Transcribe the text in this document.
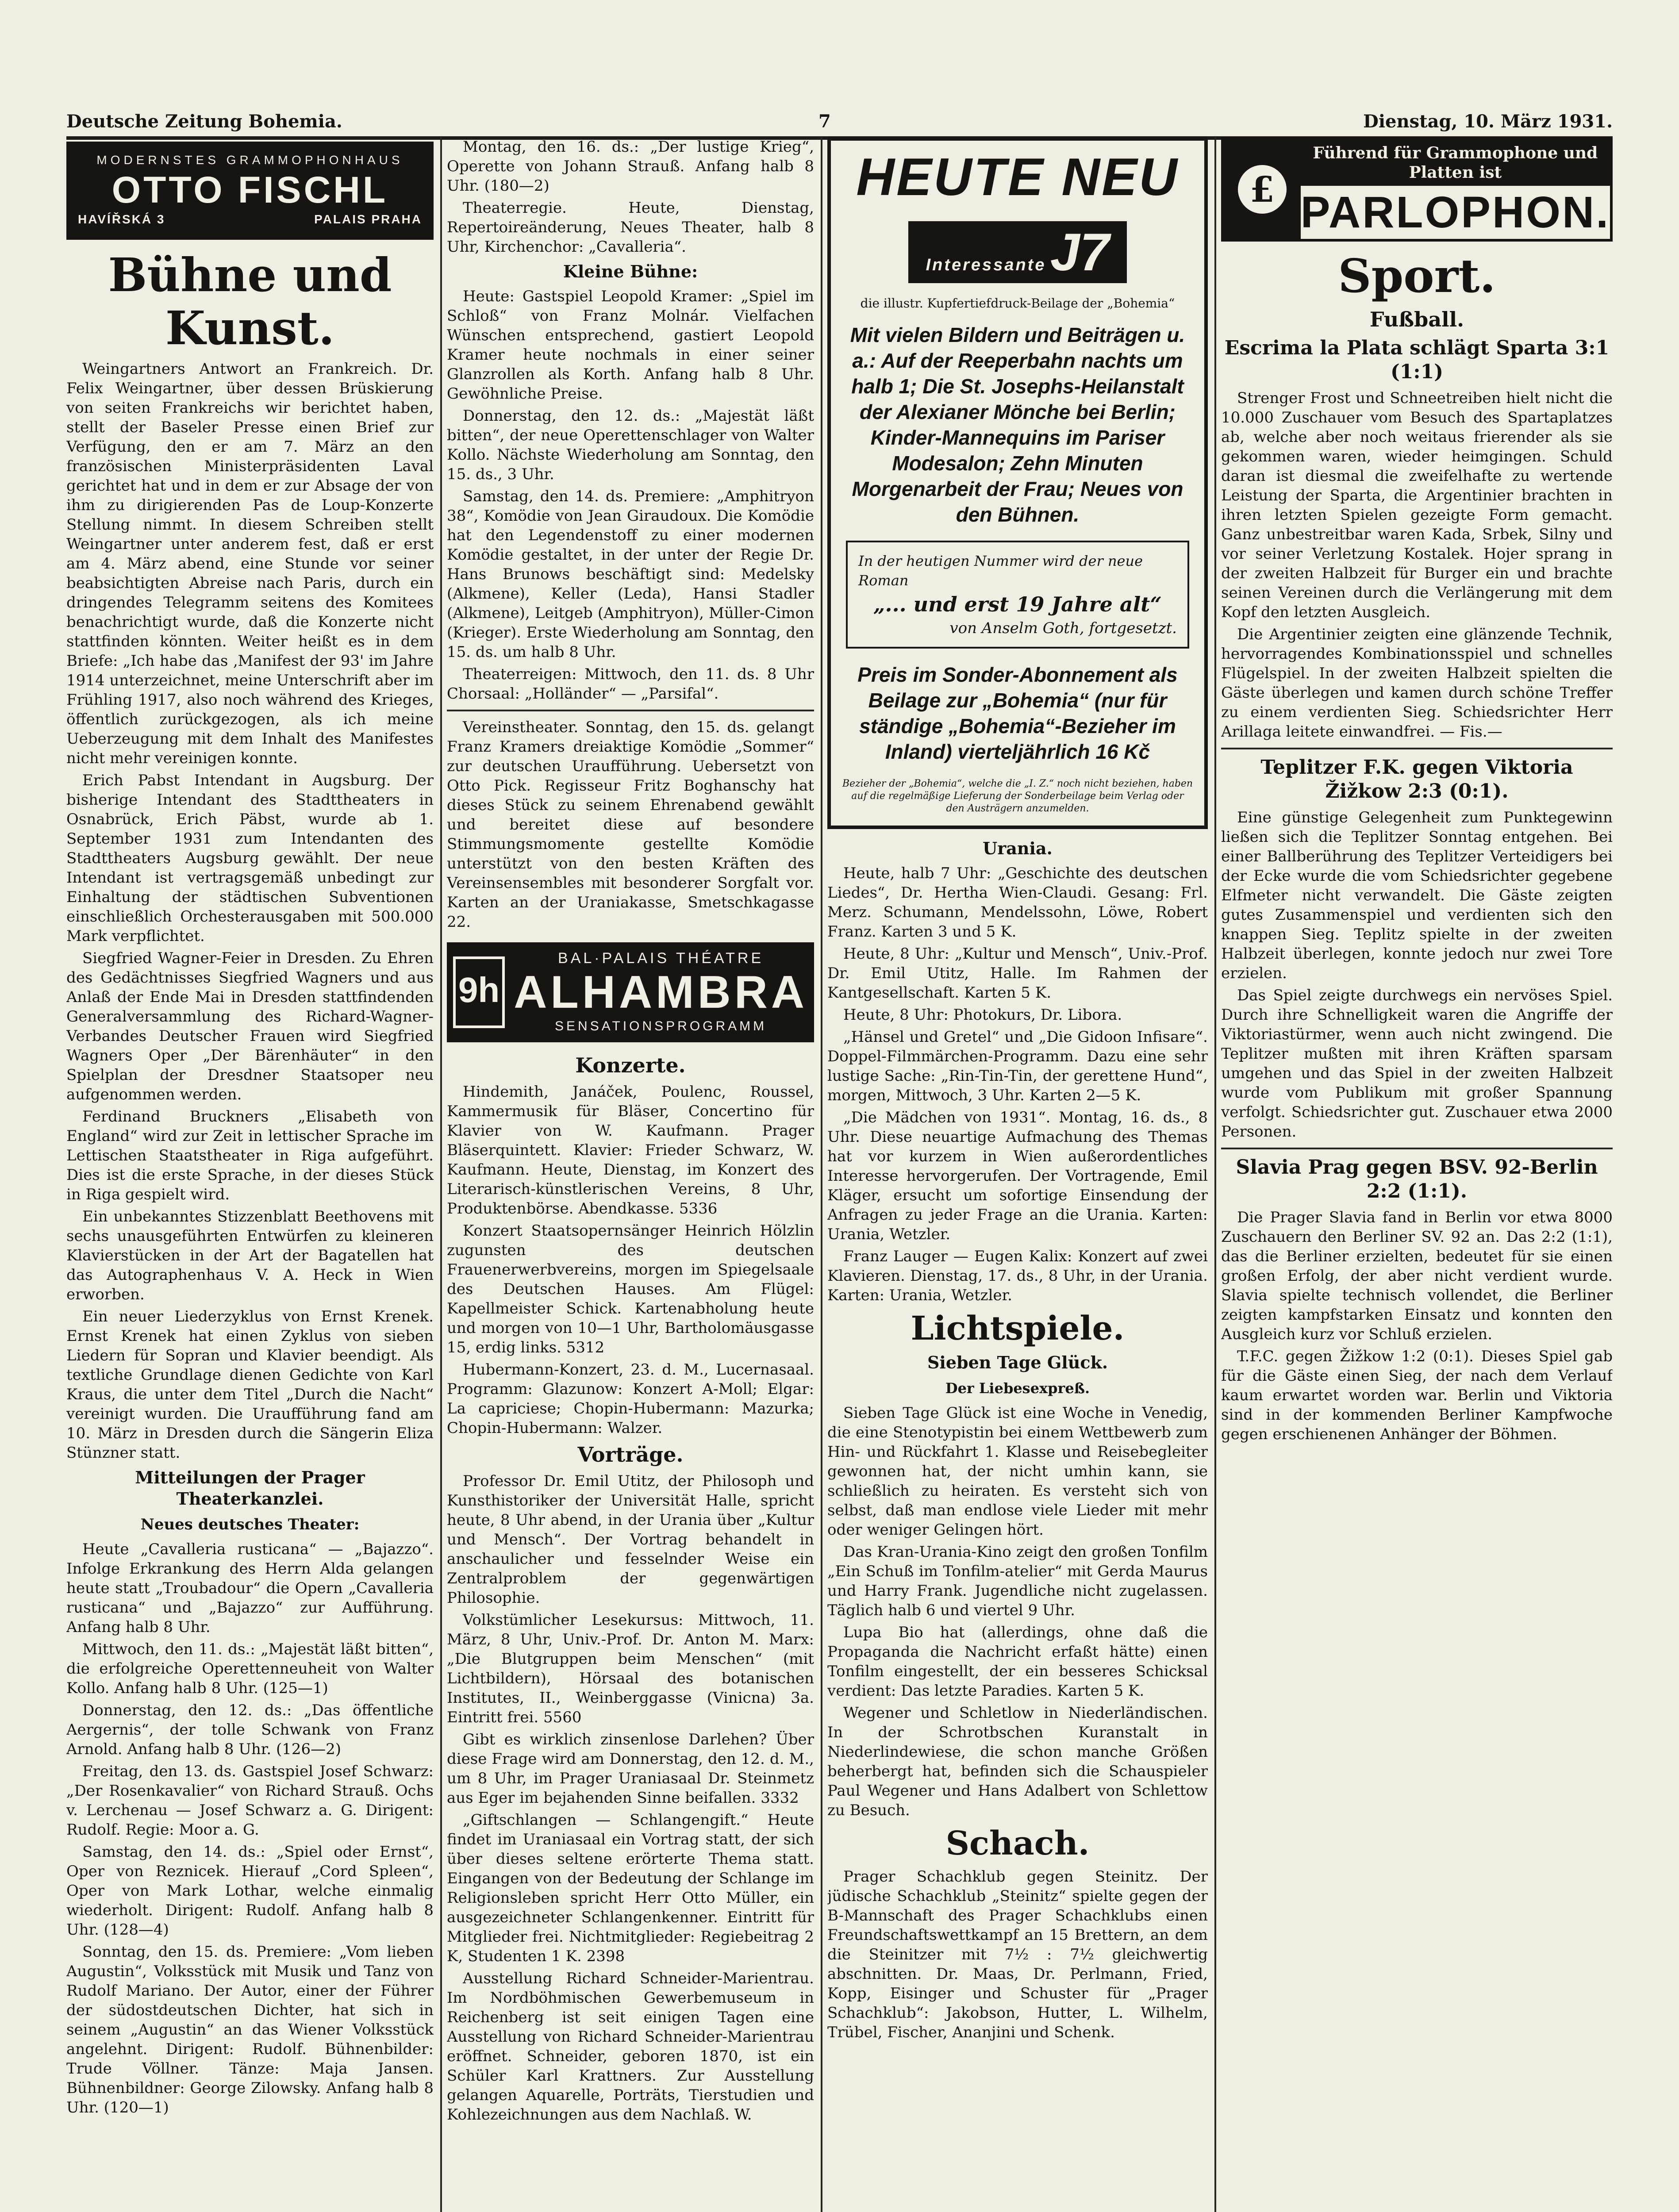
Deutsche Zeitung Bohemia.	7	Dienstag, 10. März 1931.
MODERNSTES GRAMMOPHONHAUS
OTTO FISCHL
HAVÍŘSKÁ 3	PALAIS PRAHA
Bühne und Kunst.

Weingartners Antwort an Frankreich. Dr. Felix Weingartner, über dessen Brüskierung von seiten Frankreichs wir berichtet haben, stellt der Baseler Presse einen Brief zur Verfügung, den er am 7. März an den französischen Ministerpräsidenten Laval gerichtet hat und in dem er zur Absage der von ihm zu dirigierenden Pas de Loup-Konzerte Stellung nimmt. In diesem Schreiben stellt Weingartner unter anderem fest, daß er erst am 4. März abend, eine Stunde vor seiner beabsichtigten Abreise nach Paris, durch ein dringendes Telegramm seitens des Komitees benachrichtigt wurde, daß die Konzerte nicht stattfinden könnten. Weiter heißt es in dem Briefe: „Ich habe das ‚Manifest der 93' im Jahre 1914 unterzeichnet, meine Unterschrift aber im Frühling 1917, also noch während des Krieges, öffentlich zurückgezogen, als ich meine Ueberzeugung mit dem Inhalt des Manifestes nicht mehr vereinigen konnte.

Erich Pabst Intendant in Augsburg. Der bisherige Intendant des Stadttheaters in Osnabrück, Erich Päbst, wurde ab 1. September 1931 zum Intendanten des Stadttheaters Augsburg gewählt. Der neue Intendant ist vertragsgemäß unbedingt zur Einhaltung der städtischen Subventionen einschließlich Orchesterausgaben mit 500.000 Mark verpflichtet.

Siegfried Wagner-Feier in Dresden. Zu Ehren des Gedächtnisses Siegfried Wagners und aus Anlaß der Ende Mai in Dresden stattfindenden Generalversammlung des Richard-Wagner-Verbandes Deutscher Frauen wird Siegfried Wagners Oper „Der Bärenhäuter“ in den Spielplan der Dresdner Staatsoper neu aufgenommen werden.

Ferdinand Bruckners „Elisabeth von England“ wird zur Zeit in lettischer Sprache im Lettischen Staatstheater in Riga aufgeführt. Dies ist die erste Sprache, in der dieses Stück in Riga gespielt wird.

Ein unbekanntes Stizzenblatt Beethovens mit sechs unausgeführten Entwürfen zu kleineren Klavierstücken in der Art der Bagatellen hat das Autographenhaus V. A. Heck in Wien erworben.

Ein neuer Liederzyklus von Ernst Krenek. Ernst Krenek hat einen Zyklus von sieben Liedern für Sopran und Klavier beendigt. Als textliche Grundlage dienen Gedichte von Karl Kraus, die unter dem Titel „Durch die Nacht“ vereinigt wurden. Die Uraufführung fand am 10. März in Dresden durch die Sängerin Eliza Stünzner statt.

Mitteilungen der Prager Theaterkanzlei.
Neues deutsches Theater:

Heute „Cavalleria rusticana“ — „Bajazzo“. Infolge Erkrankung des Herrn Alda gelangen heute statt „Troubadour“ die Opern „Cavalleria rusticana“ und „Bajazzo“ zur Aufführung. Anfang halb 8 Uhr.

Mittwoch, den 11. ds.: „Majestät läßt bitten“, die erfolgreiche Operettenneuheit von Walter Kollo. Anfang halb 8 Uhr. (125—1)

Donnerstag, den 12. ds.: „Das öffentliche Aergernis“, der tolle Schwank von Franz Arnold. Anfang halb 8 Uhr. (126—2)

Freitag, den 13. ds. Gastspiel Josef Schwarz: „Der Rosenkavalier“ von Richard Strauß. Ochs v. Lerchenau — Josef Schwarz a. G. Dirigent: Rudolf. Regie: Moor a. G.

Samstag, den 14. ds.: „Spiel oder Ernst“, Oper von Reznicek. Hierauf „Cord Spleen“, Oper von Mark Lothar, welche einmalig wiederholt. Dirigent: Rudolf. Anfang halb 8 Uhr. (128—4)

Sonntag, den 15. ds. Premiere: „Vom lieben Augustin“, Volksstück mit Musik und Tanz von Rudolf Mariano. Der Autor, einer der Führer der südostdeutschen Dichter, hat sich in seinem „Augustin“ an das Wiener Volksstück angelehnt. Dirigent: Rudolf. Bühnenbilder: Trude Völlner. Tänze: Maja Jansen. Bühnenbildner: George Zilowsky. Anfang halb 8 Uhr. (120—1)

Montag, den 16. ds.: „Der lustige Krieg“, Operette von Johann Strauß. Anfang halb 8 Uhr. (180—2)

Theaterregie. Heute, Dienstag, Repertoireänderung, Neues Theater, halb 8 Uhr, Kirchenchor: „Cavalleria“.

Kleine Bühne:

Heute: Gastspiel Leopold Kramer: „Spiel im Schloß“ von Franz Molnár. Vielfachen Wünschen entsprechend, gastiert Leopold Kramer heute nochmals in einer seiner Glanzrollen als Korth. Anfang halb 8 Uhr. Gewöhnliche Preise.

Donnerstag, den 12. ds.: „Majestät läßt bitten“, der neue Operettenschlager von Walter Kollo. Nächste Wiederholung am Sonntag, den 15. ds., 3 Uhr.

Samstag, den 14. ds. Premiere: „Amphitryon 38“, Komödie von Jean Giraudoux. Die Komödie hat den Legendenstoff zu einer modernen Komödie gestaltet, in der unter der Regie Dr. Hans Brunows beschäftigt sind: Medelsky (Alkmene), Keller (Leda), Hansi Stadler (Alkmene), Leitgeb (Amphitryon), Müller-Cimon (Krieger). Erste Wiederholung am Sonntag, den 15. ds. um halb 8 Uhr.

Theaterreigen: Mittwoch, den 11. ds. 8 Uhr Chorsaal: „Holländer“ — „Parsifal“.

Vereinstheater. Sonntag, den 15. ds. gelangt Franz Kramers dreiaktige Komödie „Sommer“ zur deutschen Uraufführung. Uebersetzt von Otto Pick. Regisseur Fritz Boghanschy hat dieses Stück zu seinem Ehrenabend gewählt und bereitet diese auf besondere Stimmungsmomente gestellte Komödie unterstützt von den besten Kräften des Vereinsensembles mit besonderer Sorgfalt vor. Karten an der Uraniakasse, Smetschkagasse 22.

9h
BAL·PALAIS THÉATRE
ALHAMBRA
SENSATIONSPROGRAMM
Konzerte.

Hindemith, Janáček, Poulenc, Roussel, Kammermusik für Bläser, Concertino für Klavier von W. Kaufmann. Prager Bläserquintett. Klavier: Frieder Schwarz, W. Kaufmann. Heute, Dienstag, im Konzert des Literarisch-künstlerischen Vereins, 8 Uhr, Produktenbörse. Abendkasse. 5336

Konzert Staatsopernsänger Heinrich Hölzlin zugunsten des deutschen Frauenerwerbvereins, morgen im Spiegelsaale des Deutschen Hauses. Am Flügel: Kapellmeister Schick. Kartenabholung heute und morgen von 10—1 Uhr, Bartholomäusgasse 15, erdig links. 5312

Hubermann-Konzert, 23. d. M., Lucernasaal. Programm: Glazunow: Konzert A-Moll; Elgar: La capriciese; Chopin-Hubermann: Mazurka; Chopin-Hubermann: Walzer.

Vorträge.

Professor Dr. Emil Utitz, der Philosoph und Kunsthistoriker der Universität Halle, spricht heute, 8 Uhr abend, in der Urania über „Kultur und Mensch“. Der Vortrag behandelt in anschaulicher und fesselnder Weise ein Zentralproblem der gegenwärtigen Philosophie.

Volkstümlicher Lesekursus: Mittwoch, 11. März, 8 Uhr, Univ.-Prof. Dr. Anton M. Marx: „Die Blutgruppen beim Menschen“ (mit Lichtbildern), Hörsaal des botanischen Institutes, II., Weinberggasse (Vinicna) 3a. Eintritt frei. 5560

Gibt es wirklich zinsenlose Darlehen? Über diese Frage wird am Donnerstag, den 12. d. M., um 8 Uhr, im Prager Uraniasaal Dr. Steinmetz aus Eger im bejahenden Sinne beifallen. 3332

„Giftschlangen — Schlangengift.“ Heute findet im Uraniasaal ein Vortrag statt, der sich über dieses seltene erörterte Thema statt. Eingangen von der Bedeutung der Schlange im Religionsleben spricht Herr Otto Müller, ein ausgezeichneter Schlangenkenner. Eintritt für Mitglieder frei. Nichtmitglieder: Regiebeitrag 2 K, Studenten 1 K. 2398

Ausstellung Richard Schneider-Marientrau. Im Nordböhmischen Gewerbemuseum in Reichenberg ist seit einigen Tagen eine Ausstellung von Richard Schneider-Marientrau eröffnet. Schneider, geboren 1870, ist ein Schüler Karl Krattners. Zur Ausstellung gelangen Aquarelle, Porträts, Tierstudien und Kohlezeichnungen aus dem Nachlaß. W.

HEUTE NEU
Interessante J7
die illustr. Kupfertiefdruck-Beilage der „Bohemia“
Mit vielen Bildern und Beiträgen u. a.: Auf der Reeperbahn nachts um halb 1; Die St. Josephs-Heilanstalt der Alexianer Mönche bei Berlin; Kinder-Mannequins im Pariser Modesalon; Zehn Minuten Morgenarbeit der Frau; Neues von den Bühnen.
In der heutigen Nummer wird der neue Roman
„... und erst 19 Jahre alt“
von Anselm Goth, fortgesetzt.
Preis im Sonder-Abonnement als Beilage zur „Bohemia“ (nur für ständige „Bohemia“-Bezieher im Inland) vierteljährlich 16 Kč
Bezieher der „Bohemia“, welche die „I. Z.“ noch nicht beziehen, haben auf die regelmäßige Lieferung der Sonderbeilage beim Verlag oder den Austrägern anzumelden.
Urania.

Heute, halb 7 Uhr: „Geschichte des deutschen Liedes“, Dr. Hertha Wien-Claudi. Gesang: Frl. Merz. Schumann, Mendelssohn, Löwe, Robert Franz. Karten 3 und 5 K.

Heute, 8 Uhr: „Kultur und Mensch“, Univ.-Prof. Dr. Emil Utitz, Halle. Im Rahmen der Kantgesellschaft. Karten 5 K.

Heute, 8 Uhr: Photokurs, Dr. Libora.

„Hänsel und Gretel“ und „Die Gidoon Infisare“. Doppel-Filmmärchen-Programm. Dazu eine sehr lustige Sache: „Rin-Tin-Tin, der gerettene Hund“, morgen, Mittwoch, 3 Uhr. Karten 2—5 K.

„Die Mädchen von 1931“. Montag, 16. ds., 8 Uhr. Diese neuartige Aufmachung des Themas hat vor kurzem in Wien außerordentliches Interesse hervorgerufen. Der Vortragende, Emil Kläger, ersucht um sofortige Einsendung der Anfragen zu jeder Frage an die Urania. Karten: Urania, Wetzler.

Franz Lauger — Eugen Kalix: Konzert auf zwei Klavieren. Dienstag, 17. ds., 8 Uhr, in der Urania. Karten: Urania, Wetzler.

Lichtspiele.
Sieben Tage Glück.
Der Liebesexpreß.

Sieben Tage Glück ist eine Woche in Venedig, die eine Stenotypistin bei einem Wettbewerb zum Hin- und Rückfahrt 1. Klasse und Reisebegleiter gewonnen hat, der nicht umhin kann, sie schließlich zu heiraten. Es versteht sich von selbst, daß man endlose viele Lieder mit mehr oder weniger Gelingen hört.

Das Kran-Urania-Kino zeigt den großen Tonfilm „Ein Schuß im Tonfilm-atelier“ mit Gerda Maurus und Harry Frank. Jugendliche nicht zugelassen. Täglich halb 6 und viertel 9 Uhr.

Lupa Bio hat (allerdings, ohne daß die Propaganda die Nachricht erfaßt hätte) einen Tonfilm eingestellt, der ein besseres Schicksal verdient: Das letzte Paradies. Karten 5 K.

Wegener und Schletlow in Niederländischen. In der Schrotbschen Kuranstalt in Niederlindewiese, die schon manche Größen beherbergt hat, befinden sich die Schauspieler Paul Wegener und Hans Adalbert von Schlettow zu Besuch.

Schach.

Prager Schachklub gegen Steinitz. Der jüdische Schachklub „Steinitz“ spielte gegen der B-Mannschaft des Prager Schachklubs einen Freundschaftswettkampf an 15 Brettern, an dem die Steinitzer mit 7½ : 7½ gleichwertig abschnitten. Dr. Maas, Dr. Perlmann, Fried, Kopp, Eisinger und Schuster für „Prager Schachklub“: Jakobson, Hutter, L. Wilhelm, Trübel, Fischer, Ananjini und Schenk.

£
Führend für Grammophone und Platten ist
PARLOPHON.
Sport.
Fußball.
Escrima la Plata schlägt Sparta 3:1 (1:1)

Strenger Frost und Schneetreiben hielt nicht die 10.000 Zuschauer vom Besuch des Spartaplatzes ab, welche aber noch weitaus frierender als sie gekommen waren, wieder heimgingen. Schuld daran ist diesmal die zweifelhafte zu wertende Leistung der Sparta, die Argentinier brachten in ihren letzten Spielen gezeigte Form gemacht. Ganz unbestreitbar waren Kada, Srbek, Silny und vor seiner Verletzung Kostalek. Hojer sprang in der zweiten Halbzeit für Burger ein und brachte seinen Vereinen durch die Verlängerung mit dem Kopf den letzten Ausgleich.

Die Argentinier zeigten eine glänzende Technik, hervorragendes Kombinationsspiel und schnelles Flügelspiel. In der zweiten Halbzeit spielten die Gäste überlegen und kamen durch schöne Treffer zu einem verdienten Sieg. Schiedsrichter Herr Arillaga leitete einwandfrei. — Fis.—

Teplitzer F.K. gegen Viktoria Žižkow 2:3 (0:1).

Eine günstige Gelegenheit zum Punktegewinn ließen sich die Teplitzer Sonntag entgehen. Bei einer Ballberührung des Teplitzer Verteidigers bei der Ecke wurde die vom Schiedsrichter gegebene Elfmeter nicht verwandelt. Die Gäste zeigten gutes Zusammenspiel und verdienten sich den knappen Sieg. Teplitz spielte in der zweiten Halbzeit überlegen, konnte jedoch nur zwei Tore erzielen.

Das Spiel zeigte durchwegs ein nervöses Spiel. Durch ihre Schnelligkeit waren die Angriffe der Viktoriastürmer, wenn auch nicht zwingend. Die Teplitzer mußten mit ihren Kräften sparsam umgehen und das Spiel in der zweiten Halbzeit wurde vom Publikum mit großer Spannung verfolgt. Schiedsrichter gut. Zuschauer etwa 2000 Personen.

Slavia Prag gegen BSV. 92-Berlin 2:2 (1:1).

Die Prager Slavia fand in Berlin vor etwa 8000 Zuschauern den Berliner SV. 92 an. Das 2:2 (1:1), das die Berliner erzielten, bedeutet für sie einen großen Erfolg, der aber nicht verdient wurde. Slavia spielte technisch vollendet, die Berliner zeigten kampfstarken Einsatz und konnten den Ausgleich kurz vor Schluß erzielen.

T.F.C. gegen Žižkow 1:2 (0:1). Dieses Spiel gab für die Gäste einen Sieg, der nach dem Verlauf kaum erwartet worden war. Berlin und Viktoria sind in der kommenden Berliner Kampfwoche gegen erschienenen Anhänger der Böhmen.
